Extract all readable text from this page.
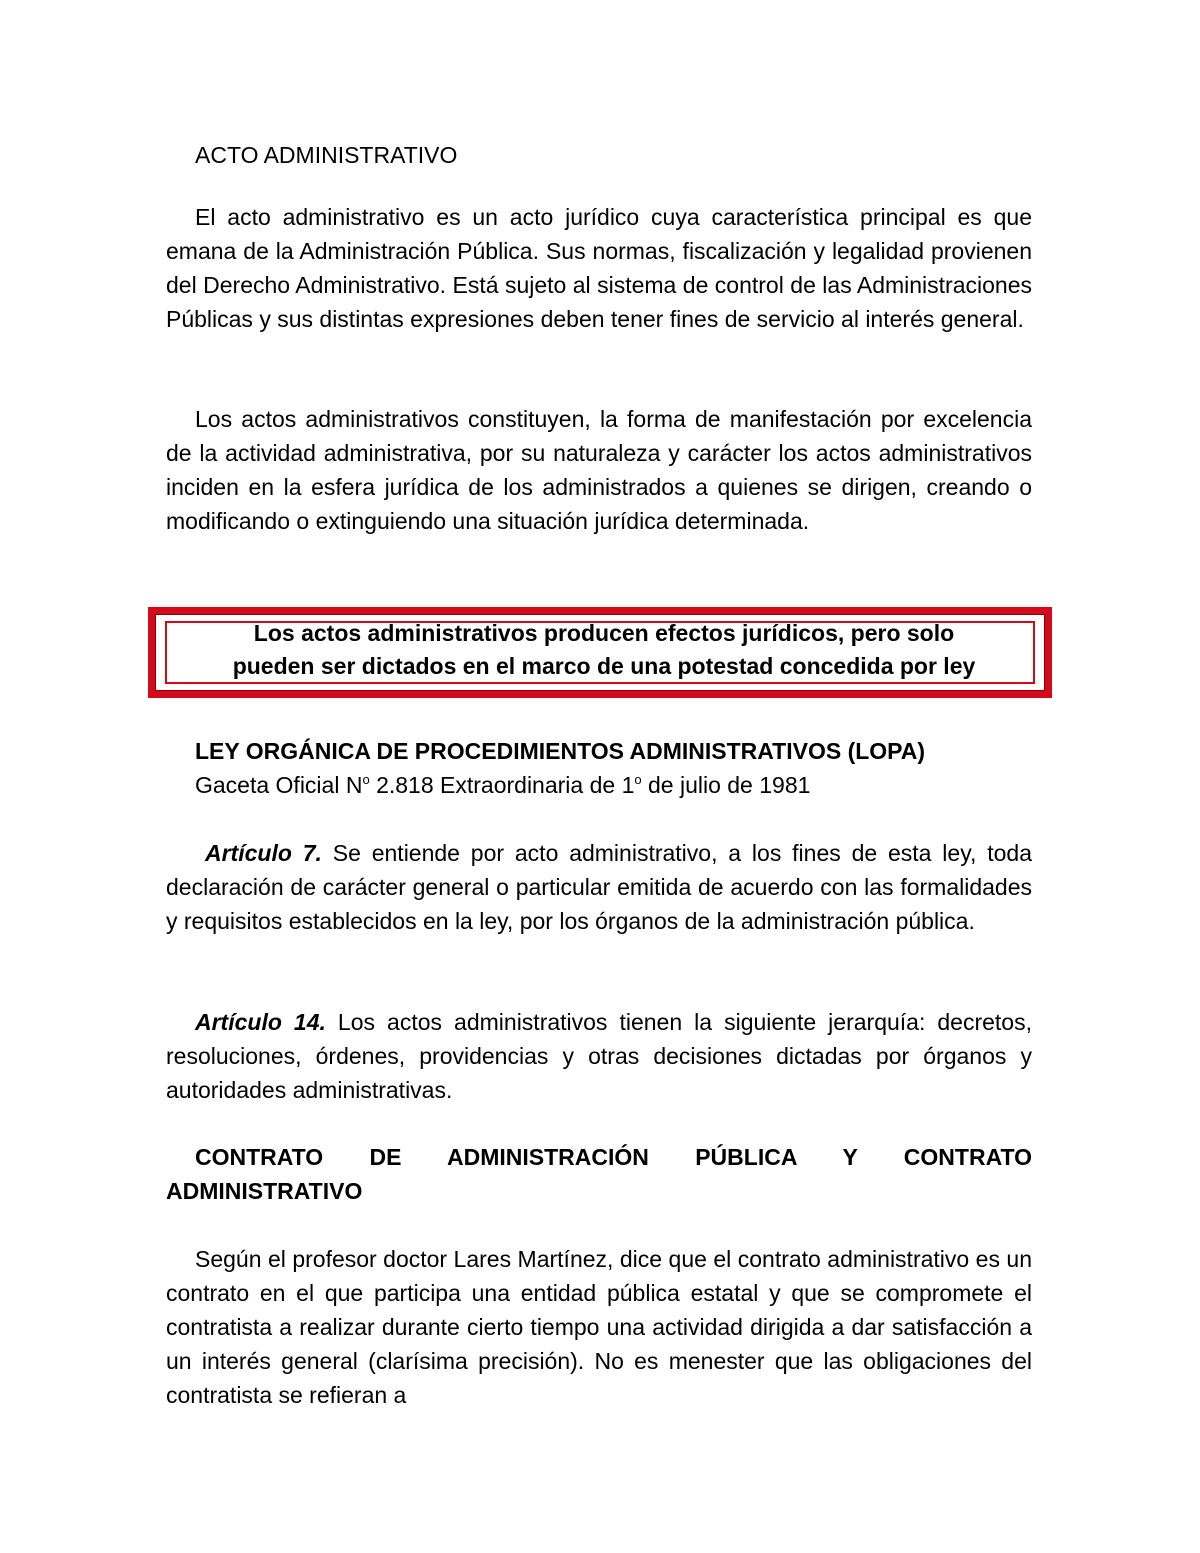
ACTO ADMINISTRATIVO

El acto administrativo es un acto jurídico cuya característica principal es que emana de la Administración Pública. Sus normas, fiscalización y legalidad provienen del Derecho Administrativo. Está sujeto al sistema de control de las Administraciones Públicas y sus distintas expresiones deben tener fines de servicio al interés general.

Los actos administrativos constituyen, la forma de manifestación por excelencia de la actividad administrativa, por su naturaleza y carácter los actos administrativos inciden en la esfera jurídica de los administrados a quienes se dirigen, creando o modificando o extinguiendo una situación jurídica determinada.

Los actos administrativos producen efectos jurídicos, pero solo
pueden ser dictados en el marco de una potestad concedida por ley

LEY ORGÁNICA DE PROCEDIMIENTOS ADMINISTRATIVOS (LOPA)
Gaceta Oficial $N^o$ 2.818 Extraordinaria de 1$^o$ de julio de 1981

Artículo 7. Se entiende por acto administrativo, a los fines de esta ley, toda declaración de carácter general o particular emitida de acuerdo con las formalidades y requisitos establecidos en la ley, por los órganos de la administración pública.

Artículo 14. Los actos administrativos tienen la siguiente jerarquía: decretos, resoluciones, órdenes, providencias y otras decisiones dictadas por órganos y autoridades administrativas.

CONTRATO DE ADMINISTRACIÓN PÚBLICA Y CONTRATO ADMINISTRATIVO

Según el profesor doctor Lares Martínez, dice que el contrato administrativo es un contrato en el que participa una entidad pública estatal y que se compromete el contratista a realizar durante cierto tiempo una actividad dirigida a dar satisfacción a un interés general (clarísima precisión). No es menester que las obligaciones del contratista se refieran a
